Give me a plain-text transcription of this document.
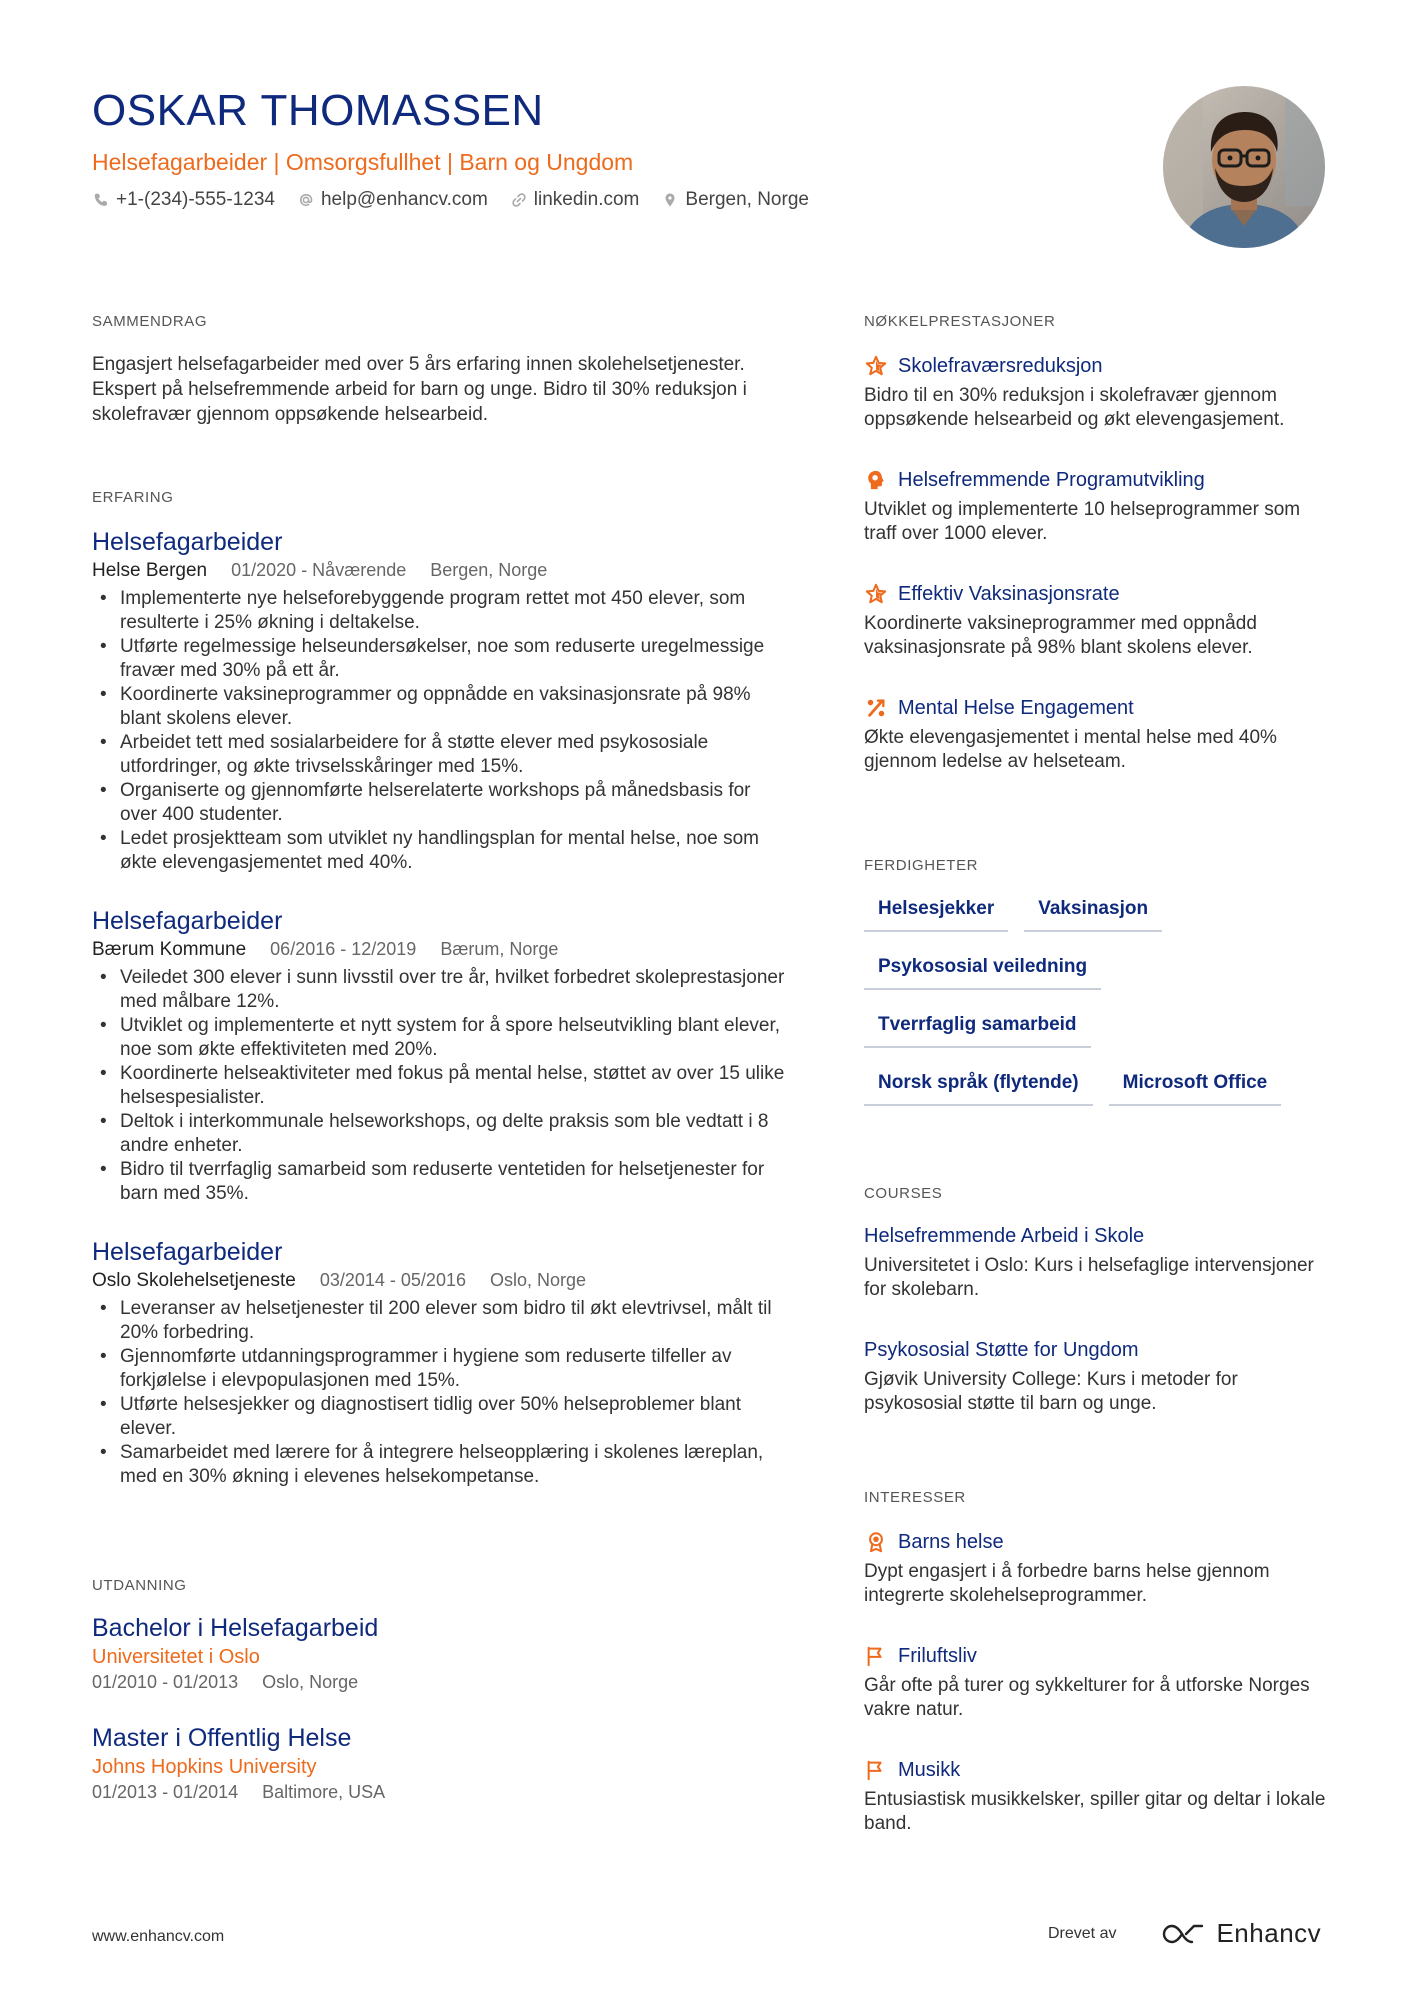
OSKAR THOMASSEN
Helsefagarbeider | Omsorgsfullhet | Barn og Ungdom
+1-(234)-555-1234 help@enhancv.com linkedin.com Bergen, Norge
SAMMENDRAG
Engasjert helsefagarbeider med over 5 års erfaring innen skolehelsetjenester. Ekspert på helsefremmende arbeid for barn og unge. Bidro til 30% reduksjon i skolefravær gjennom oppsøkende helsearbeid.
ERFARING
Helsefagarbeider
Helse Bergen 01/2020 - Nåværende Bergen, Norge
• Implementerte nye helseforebyggende program rettet mot 450 elever, som resulterte i 25% økning i deltakelse.
• Utførte regelmessige helseundersøkelser, noe som reduserte uregelmessige fravær med 30% på ett år.
• Koordinerte vaksineprogrammer og oppnådde en vaksinasjonsrate på 98% blant skolens elever.
• Arbeidet tett med sosialarbeidere for å støtte elever med psykososiale utfordringer, og økte trivselsskåringer med 15%.
• Organiserte og gjennomførte helserelaterte workshops på månedsbasis for over 400 studenter.
• Ledet prosjektteam som utviklet ny handlingsplan for mental helse, noe som økte elevengasjementet med 40%.
Helsefagarbeider
Bærum Kommune 06/2016 - 12/2019 Bærum, Norge
• Veiledet 300 elever i sunn livsstil over tre år, hvilket forbedret skoleprestasjoner med målbare 12%.
• Utviklet og implementerte et nytt system for å spore helseutvikling blant elever, noe som økte effektiviteten med 20%.
• Koordinerte helseaktiviteter med fokus på mental helse, støttet av over 15 ulike helsespesialister.
• Deltok i interkommunale helseworkshops, og delte praksis som ble vedtatt i 8 andre enheter.
• Bidro til tverrfaglig samarbeid som reduserte ventetiden for helsetjenester for barn med 35%.
Helsefagarbeider
Oslo Skolehelsetjeneste 03/2014 - 05/2016 Oslo, Norge
• Leveranser av helsetjenester til 200 elever som bidro til økt elevtrivsel, målt til 20% forbedring.
• Gjennomførte utdanningsprogrammer i hygiene som reduserte tilfeller av forkjølelse i elevpopulasjonen med 15%.
• Utførte helsesjekker og diagnostisert tidlig over 50% helseproblemer blant elever.
• Samarbeidet med lærere for å integrere helseopplæring i skolenes læreplan, med en 30% økning i elevenes helsekompetanse.
UTDANNING
Bachelor i Helsefagarbeid
Universitetet i Oslo
01/2010 - 01/2013 Oslo, Norge
Master i Offentlig Helse
Johns Hopkins University
01/2013 - 01/2014 Baltimore, USA
NØKKELPRESTASJONER
Skolefraværsreduksjon
Bidro til en 30% reduksjon i skolefravær gjennom oppsøkende helsearbeid og økt elevengasjement.
Helsefremmende Programutvikling
Utviklet og implementerte 10 helseprogrammer som traff over 1000 elever.
Effektiv Vaksinasjonsrate
Koordinerte vaksineprogrammer med oppnådd vaksinasjonsrate på 98% blant skolens elever.
Mental Helse Engagement
Økte elevengasjementet i mental helse med 40% gjennom ledelse av helseteam.
FERDIGHETER
Helsesjekker	Vaksinasjon
Psykososial veiledning
Tverrfaglig samarbeid
Norsk språk (flytende)	Microsoft Office
COURSES
Helsefremmende Arbeid i Skole
Universitetet i Oslo: Kurs i helsefaglige intervensjoner for skolebarn.
Psykososial Støtte for Ungdom
Gjøvik University College: Kurs i metoder for psykososial støtte til barn og unge.
INTERESSER
Barns helse
Dypt engasjert i å forbedre barns helse gjennom integrerte skolehelseprogrammer.
Friluftsliv
Går ofte på turer og sykkelturer for å utforske Norges vakre natur.
Musikk
Entusiastisk musikkelsker, spiller gitar og deltar i lokale band.
www.enhancv.com	Drevet av	Enhancv
